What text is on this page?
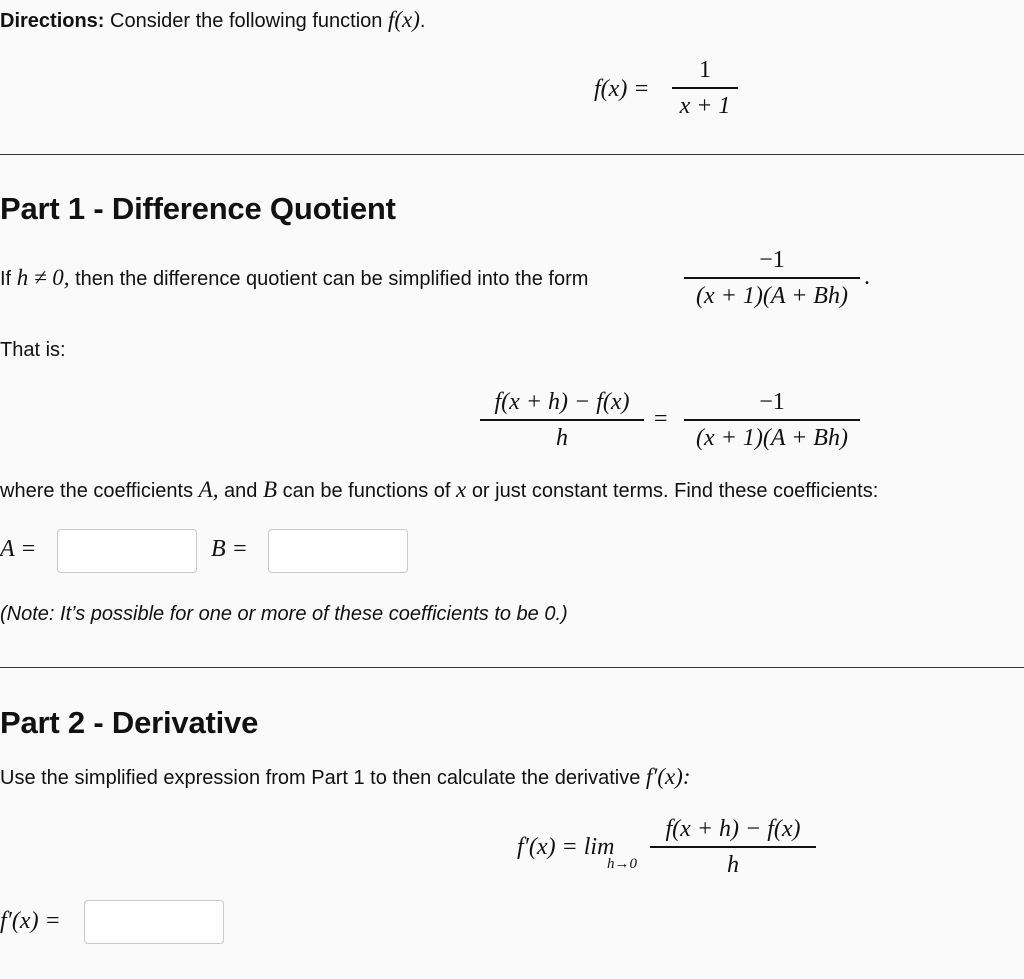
Directions: Consider the following function f(x).
f(x) =
1
x + 1
Part 1 - Difference Quotient
If h ≠ 0, then the difference quotient can be simplified into the form
−1
(x + 1)(A + Bh)
.
That is:
f(x + h) − f(x)
h
=
−1
(x + 1)(A + Bh)
where the coefficients A, and B can be functions of x or just constant terms. Find these coefficients:
A =	B =
(Note: It’s possible for one or more of these coefficients to be 0.)
Part 2 - Derivative
Use the simplified expression from Part 1 to then calculate the derivative f′(x):
f′(x) = lim
h→0
f(x + h) − f(x)
h
f′(x) =
